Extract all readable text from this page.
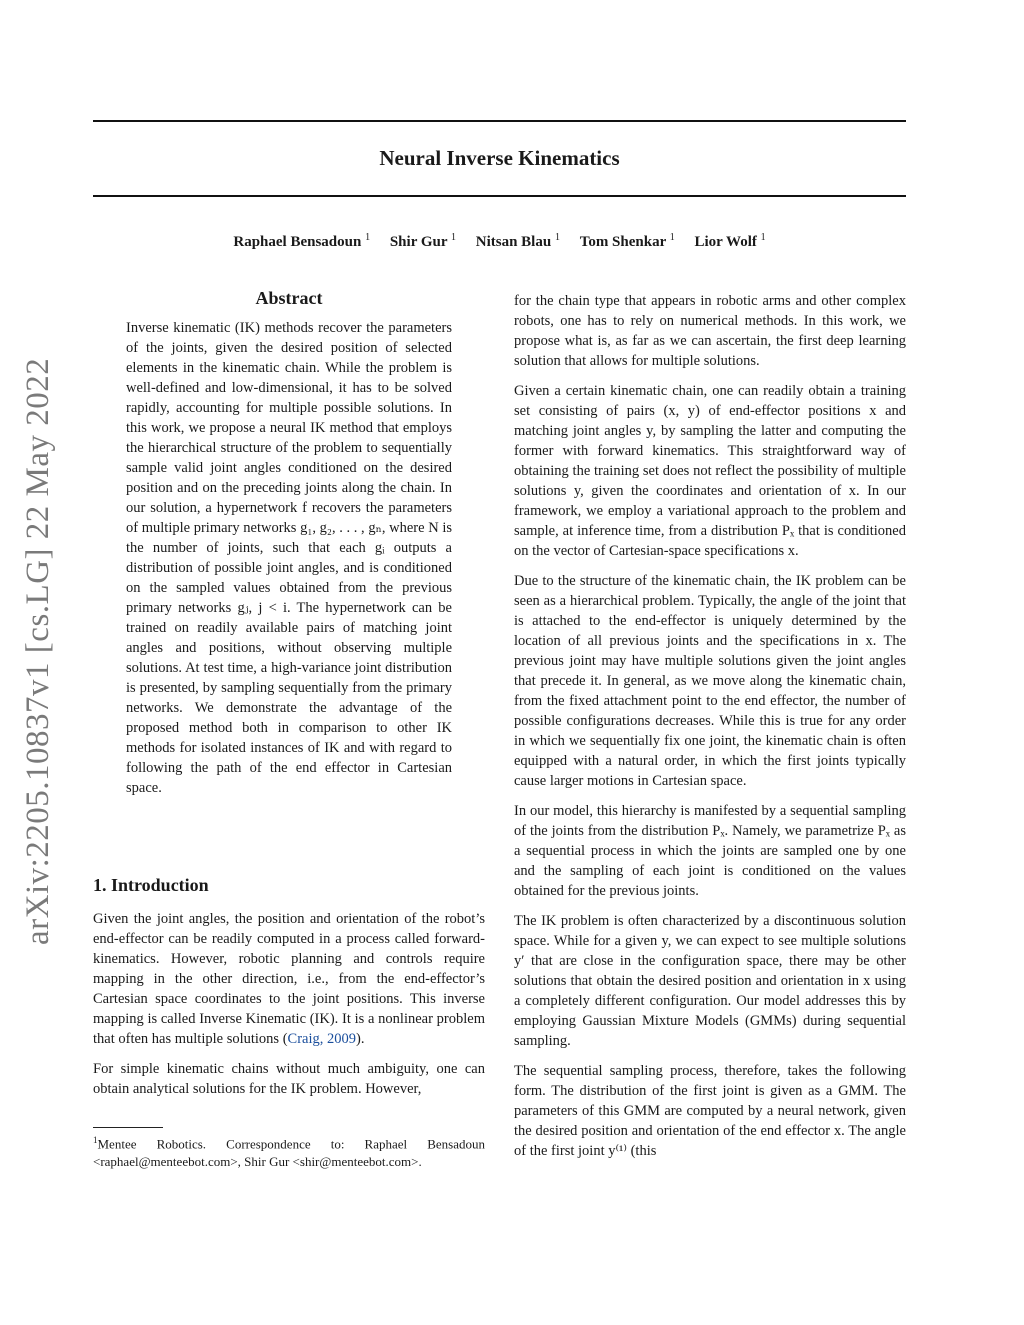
Neural Inverse Kinematics
Raphael Bensadoun $^1$ Shir Gur $^1$ Nitsan Blau $^1$ Tom Shenkar $^1$ Lior Wolf $^1$
arXiv:2205.10837v1 [cs.LG] 22 May 2022
Abstract

Inverse kinematic (IK) methods recover the parameters of the joints, given the desired position of selected elements in the kinematic chain. While the problem is well-defined and low-dimensional, it has to be solved rapidly, accounting for multiple possible solutions. In this work, we propose a neural IK method that employs the hierarchical structure of the problem to sequentially sample valid joint angles conditioned on the desired position and on the preceding joints along the chain. In our solution, a hypernetwork f recovers the parameters of multiple primary networks g₁, g₂, . . . , gₙ, where N is the number of joints, such that each gᵢ outputs a distribution of possible joint angles, and is conditioned on the sampled values obtained from the previous primary networks gⱼ, j < i. The hypernetwork can be trained on readily available pairs of matching joint angles and positions, without observing multiple solutions. At test time, a high-variance joint distribution is presented, by sampling sequentially from the primary networks. We demonstrate the advantage of the proposed method both in comparison to other IK methods for isolated instances of IK and with regard to following the path of the end effector in Cartesian space.

1. Introduction

Given the joint angles, the position and orientation of the robot’s end-effector can be readily computed in a process called forward-kinematics. However, robotic planning and controls require mapping in the other direction, i.e., from the end-effector’s Cartesian space coordinates to the joint positions. This inverse mapping is called Inverse Kinematic (IK). It is a nonlinear problem that often has multiple solutions (Craig, 2009).

For simple kinematic chains without much ambiguity, one can obtain analytical solutions for the IK problem. However,

for the chain type that appears in robotic arms and other complex robots, one has to rely on numerical methods. In this work, we propose what is, as far as we can ascertain, the first deep learning solution that allows for multiple solutions.

Given a certain kinematic chain, one can readily obtain a training set consisting of pairs (x, y) of end-effector positions x and matching joint angles y, by sampling the latter and computing the former with forward kinematics. This straightforward way of obtaining the training set does not reflect the possibility of multiple solutions y, given the coordinates and orientation of x. In our framework, we employ a variational approach to the problem and sample, at inference time, from a distribution Pₓ that is conditioned on the vector of Cartesian-space specifications x.

Due to the structure of the kinematic chain, the IK problem can be seen as a hierarchical problem. Typically, the angle of the joint that is attached to the end-effector is uniquely determined by the location of all previous joints and the specifications in x. The previous joint may have multiple solutions given the joint angles that precede it. In general, as we move along the kinematic chain, from the fixed attachment point to the end effector, the number of possible configurations decreases. While this is true for any order in which we sequentially fix one joint, the kinematic chain is often equipped with a natural order, in which the first joints typically cause larger motions in Cartesian space.

In our model, this hierarchy is manifested by a sequential sampling of the joints from the distribution Pₓ. Namely, we parametrize Pₓ as a sequential process in which the joints are sampled one by one and the sampling of each joint is conditioned on the values obtained for the previous joints.

The IK problem is often characterized by a discontinuous solution space. While for a given y, we can expect to see multiple solutions y′ that are close in the configuration space, there may be other solutions that obtain the desired position and orientation in x using a completely different configuration. Our model addresses this by employing Gaussian Mixture Models (GMMs) during sequential sampling.

The sequential sampling process, therefore, takes the following form. The distribution of the first joint is given as a GMM. The parameters of this GMM are computed by a neural network, given the desired position and orientation of the end effector x. The angle of the first joint y⁽¹⁾ (this

$^1$Mentee Robotics. Correspondence to: Raphael Bensadoun <raphael@menteebot.com>, Shir Gur <shir@menteebot.com>.
